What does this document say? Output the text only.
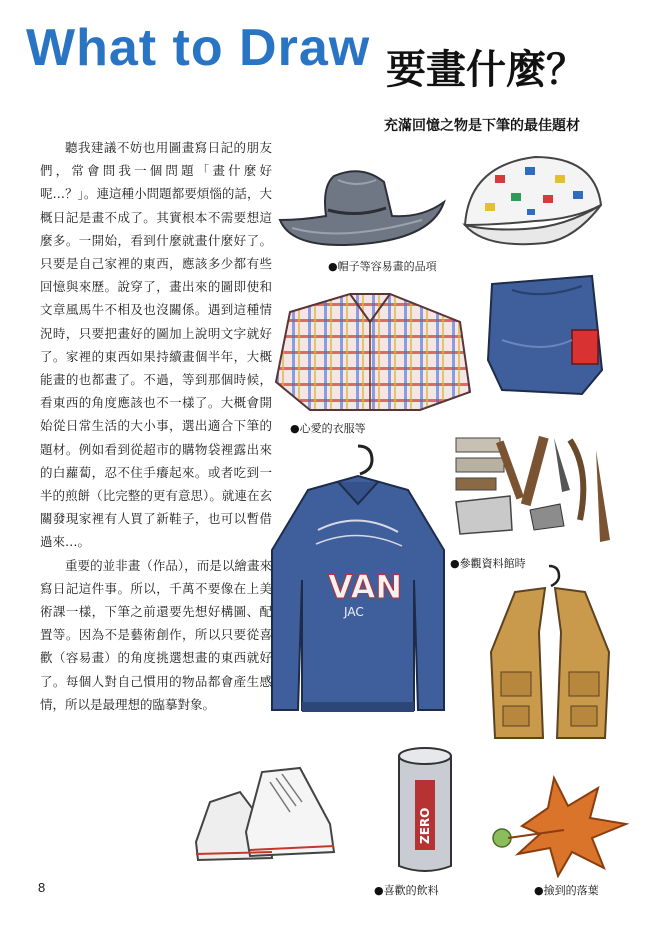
What to Draw 要畫什麼？
充滿回憶之物是下筆的最佳題材

聽我建議不妨也用圖畫寫日記的朋友們，常會問我一個問題「畫什麼好呢…？」。連這種小問題都要煩惱的話，大概日記是畫不成了。其實根本不需要想這麼多。一開始，看到什麼就畫什麼好了。只要是自己家裡的東西，應該多少都有些回憶與來歷。說穿了，畫出來的圖即使和文章風馬牛不相及也沒關係。遇到這種情況時，只要把畫好的圖加上說明文字就好了。家裡的東西如果持續畫個半年，大概能畫的也都畫了。不過，等到那個時候，看東西的角度應該也不一樣了。大概會開始從日常生活的大小事，選出適合下筆的題材。例如看到從超市的購物袋裡露出來的白蘿蔔，忍不住手癢起來。或者吃到一半的煎餅（比完整的更有意思）。就連在玄關發現家裡有人買了新鞋子，也可以暫借過來…。

重要的並非畫（作品），而是以繪畫來寫日記這件事。所以，千萬不要像在上美術課一樣，下筆之前還要先想好構圖、配置等。因為不是藝術創作，所以只要從喜歡（容易畫）的角度挑選想畫的東西就好了。每個人對自己慣用的物品都會產生感情，所以是最理想的臨摹對象。

●帽子等容易畫的品項
●心愛的衣服等
●參觀資料館時
VAN
JAC
ZERO
●喜歡的飲料	●撿到的落葉
8
